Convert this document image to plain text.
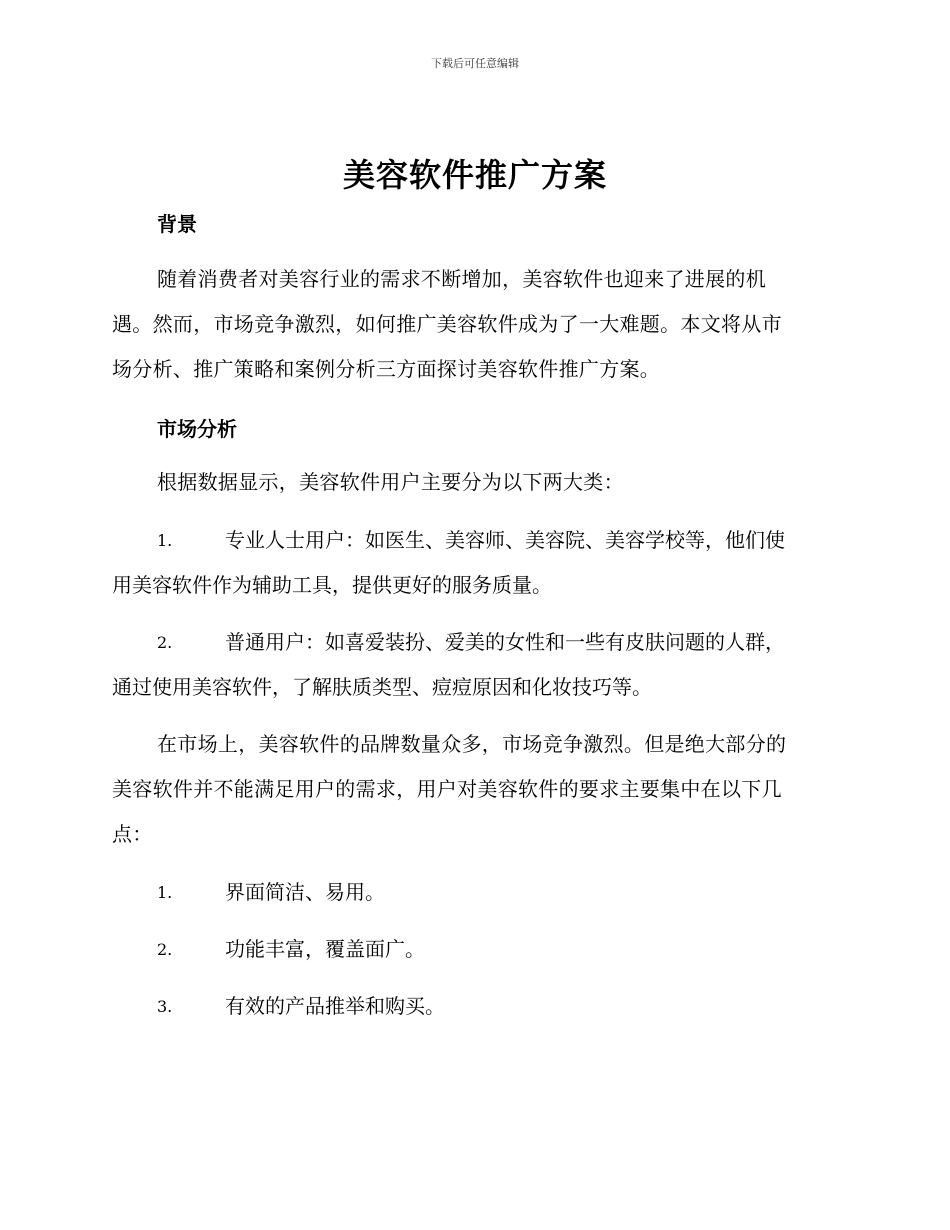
下载后可任意编辑
美容软件推广方案
背景
随着消费者对美容行业的需求不断增加，美容软件也迎来了进展的机
遇。然而，市场竞争激烈，如何推广美容软件成为了一大难题。本文将从市
场分析、推广策略和案例分析三方面探讨美容软件推广方案。
市场分析
根据数据显示，美容软件用户主要分为以下两大类：
1.	专业人士用户：如医生、美容师、美容院、美容学校等，他们使
用美容软件作为辅助工具，提供更好的服务质量。
2.	普通用户：如喜爱装扮、爱美的女性和一些有皮肤问题的人群，
通过使用美容软件，了解肤质类型、痘痘原因和化妆技巧等。
在市场上，美容软件的品牌数量众多，市场竞争激烈。但是绝大部分的
美容软件并不能满足用户的需求，用户对美容软件的要求主要集中在以下几
点：
1.	界面简洁、易用。
2.	功能丰富，覆盖面广。
3.	有效的产品推举和购买。
